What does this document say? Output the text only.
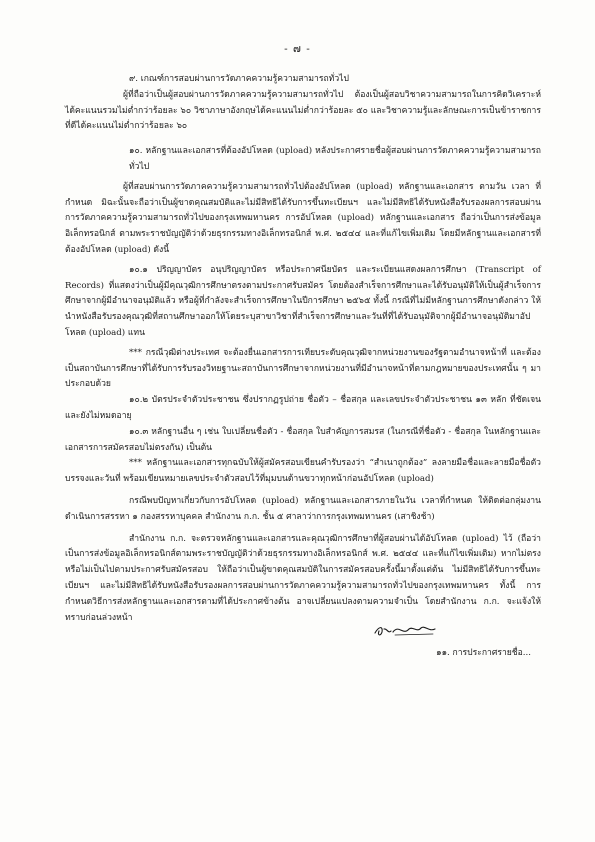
- ๗ -

๙. เกณฑ์การสอบผ่านการวัดภาคความรู้ความสามารถทั่วไป

ผู้ที่ถือว่าเป็นผู้สอบผ่านการวัดภาคความรู้ความสามารถทั่วไป ต้องเป็นผู้สอบวิชาความสามารถในการคิดวิเคราะห์ได้คะแนนรวมไม่ต่ำกว่าร้อยละ ๖๐ วิชาภาษาอังกฤษได้คะแนนไม่ต่ำกว่าร้อยละ ๕๐ และวิชาความรู้และลักษณะการเป็นข้าราชการที่ดีได้คะแนนไม่ต่ำกว่าร้อยละ ๖๐

๑๐. หลักฐานและเอกสารที่ต้องอัปโหลด (upload) หลังประกาศรายชื่อผู้สอบผ่านการวัดภาคความรู้ความสามารถทั่วไป

ผู้ที่สอบผ่านการวัดภาคความรู้ความสามารถทั่วไปต้องอัปโหลด (upload) หลักฐานและเอกสาร ตามวัน เวลา ที่กำหนด มิฉะนั้นจะถือว่าเป็นผู้ขาดคุณสมบัติและไม่มีสิทธิได้รับการขึ้นทะเบียนฯ และไม่มีสิทธิได้รับหนังสือรับรองผลการสอบผ่านการวัดภาคความรู้ความสามารถทั่วไปของกรุงเทพมหานคร การอัปโหลด (upload) หลักฐานและเอกสาร ถือว่าเป็นการส่งข้อมูลอิเล็กทรอนิกส์ ตามพระราชบัญญัติว่าด้วยธุรกรรมทางอิเล็กทรอนิกส์ พ.ศ. ๒๕๔๔ และที่แก้ไขเพิ่มเติม โดยมีหลักฐานและเอกสารที่ต้องอัปโหลด (upload) ดังนี้

๑๐.๑ ปริญญาบัตร อนุปริญญาบัตร หรือประกาศนียบัตร และระเบียนแสดงผลการศึกษา (Transcript of Records) ที่แสดงว่าเป็นผู้มีคุณวุฒิการศึกษาตรงตามประกาศรับสมัคร โดยต้องสำเร็จการศึกษาและได้รับอนุมัติให้เป็นผู้สำเร็จการศึกษาจากผู้มีอำนาจอนุมัติแล้ว หรือผู้ที่กำลังจะสำเร็จการศึกษาในปีการศึกษา ๒๕๖๕ ทั้งนี้ กรณีที่ไม่มีหลักฐานการศึกษาดังกล่าว ให้นำหนังสือรับรองคุณวุฒิที่สถานศึกษาออกให้โดยระบุสาขาวิชาที่สำเร็จการศึกษาและวันที่ที่ได้รับอนุมัติจากผู้มีอำนาจอนุมัติมาอัปโหลด (upload) แทน

*** กรณีวุฒิต่างประเทศ จะต้องยื่นเอกสารการเทียบระดับคุณวุฒิจากหน่วยงานของรัฐตามอำนาจหน้าที่ และต้องเป็นสถาบันการศึกษาที่ได้รับการรับรองวิทยฐานะสถาบันการศึกษาจากหน่วยงานที่มีอำนาจหน้าที่ตามกฎหมายของประเทศนั้น ๆ มาประกอบด้วย

๑๐.๒ บัตรประจำตัวประชาชน ซึ่งปรากฏรูปถ่าย ชื่อตัว – ชื่อสกุล และเลขประจำตัวประชาชน ๑๓ หลัก ที่ชัดเจน และยังไม่หมดอายุ

๑๐.๓ หลักฐานอื่น ๆ เช่น ใบเปลี่ยนชื่อตัว - ชื่อสกุล ใบสำคัญการสมรส (ในกรณีที่ชื่อตัว - ชื่อสกุล ในหลักฐานและเอกสารการสมัครสอบไม่ตรงกัน) เป็นต้น

*** หลักฐานและเอกสารทุกฉบับให้ผู้สมัครสอบเขียนคำรับรองว่า “สำเนาถูกต้อง” ลงลายมือชื่อและลายมือชื่อตัวบรรจงและวันที่ พร้อมเขียนหมายเลขประจำตัวสอบไว้ที่มุมบนด้านขวาทุกหน้าก่อนอัปโหลด (upload)

กรณีพบปัญหาเกี่ยวกับการอัปโหลด (upload) หลักฐานและเอกสารภายในวัน เวลาที่กำหนด ให้ติดต่อกลุ่มงานดำเนินการสรรหา ๑ กองสรรหาบุคคล สำนักงาน ก.ก. ชั้น ๕ ศาลาว่าการกรุงเทพมหานคร (เสาชิงช้า)

สำนักงาน ก.ก. จะตรวจหลักฐานและเอกสารและคุณวุฒิการศึกษาที่ผู้สอบผ่านได้อัปโหลด (upload) ไว้ (ถือว่าเป็นการส่งข้อมูลอิเล็กทรอนิกส์ตามพระราชบัญญัติว่าด้วยธุรกรรมทางอิเล็กทรอนิกส์ พ.ศ. ๒๕๔๔ และที่แก้ไขเพิ่มเติม) หากไม่ตรงหรือไม่เป็นไปตามประกาศรับสมัครสอบ ให้ถือว่าเป็นผู้ขาดคุณสมบัติในการสมัครสอบครั้งนี้มาตั้งแต่ต้น ไม่มีสิทธิได้รับการขึ้นทะเบียนฯ และไม่มีสิทธิได้รับหนังสือรับรองผลการสอบผ่านการวัดภาคความรู้ความสามารถทั่วไปของกรุงเทพมหานคร ทั้งนี้ การกำหนดวิธีการส่งหลักฐานและเอกสารตามที่ได้ประกาศข้างต้น อาจเปลี่ยนแปลงตามความจำเป็น โดยสำนักงาน ก.ก. จะแจ้งให้ทราบก่อนล่วงหน้า

๑๑. การประกาศรายชื่อ...
